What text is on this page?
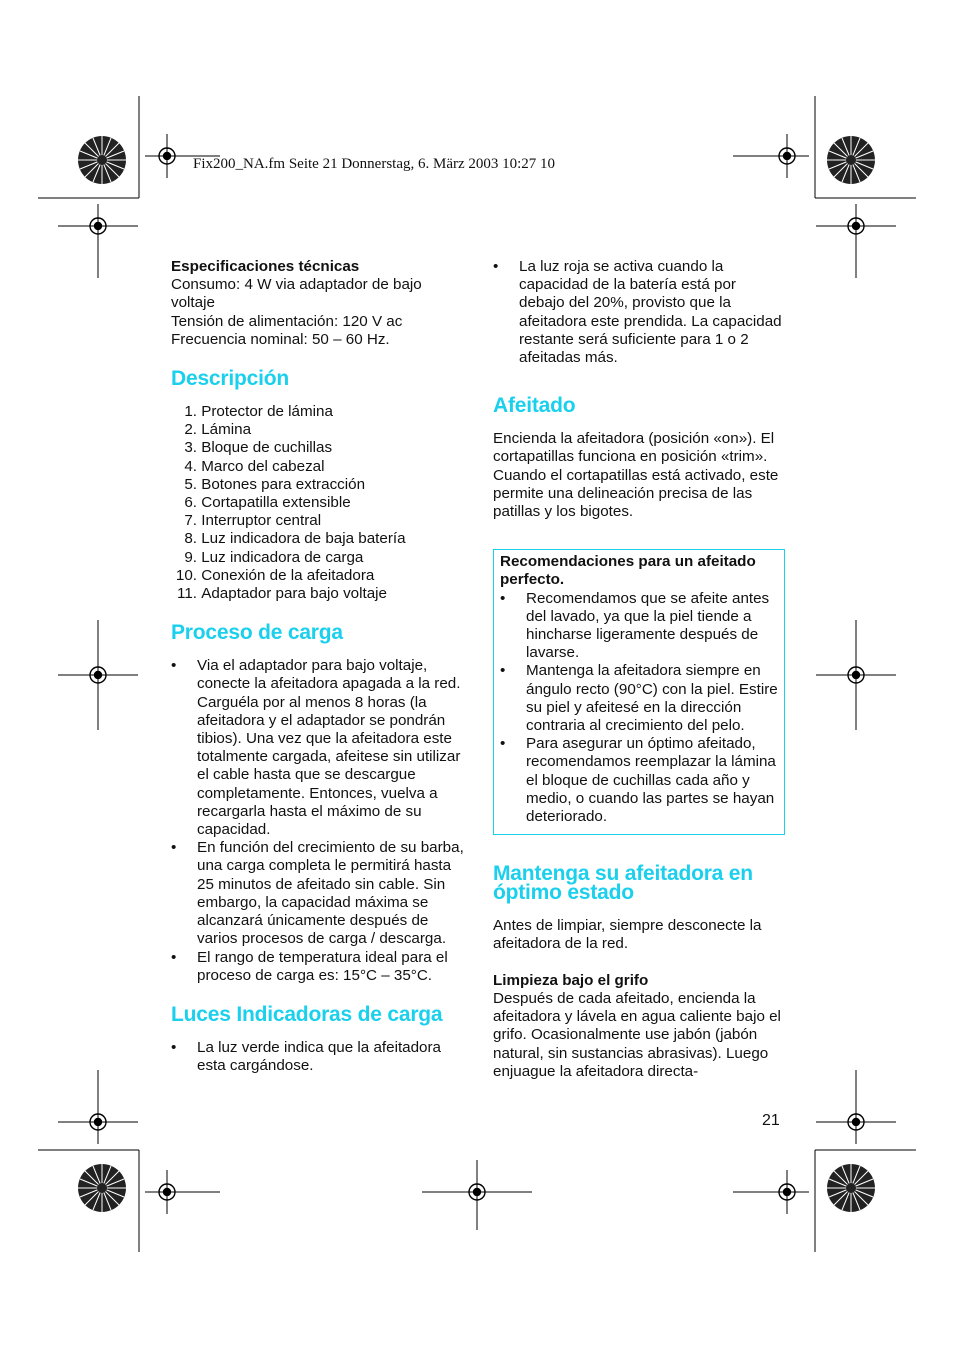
Fix200_NA.fm Seite 21 Donnerstag, 6. März 2003 10:27 10
Especificaciones técnicas
Consumo: 4 W via adaptador de bajo voltaje
Tensión de alimentación: 120 V ac
Frecuencia nominal: 50 – 60 Hz.
Descripción
1.
Protector de lámina
2.
Lámina
3.
Bloque de cuchillas
4.
Marco del cabezal
5.
Botones para extracción
6.
Cortapatilla extensible
7.
Interruptor central
8.
Luz indicadora de baja batería
9.
Luz indicadora de carga
10.
Conexión de la afeitadora
11.
Adaptador para bajo voltaje
Proceso de carga
•	Via el adaptador para bajo voltaje, conecte la afeitadora apagada a la red. Carguéla por al menos 8 horas (la afeitadora y el adaptador se pondrán tibios). Una vez que la afeitadora este totalmente cargada, afeitese sin utilizar el cable hasta que se descargue completamente. Entonces, vuelva a recargarla hasta el máximo de su capacidad.
•	En función del crecimiento de su barba, una carga completa le permitirá hasta 25 minutos de afeitado sin cable. Sin embargo, la capacidad máxima se alcanzará únicamente después de varios procesos de carga / descarga.
•	El rango de temperatura ideal para el proceso de carga es: 15°C – 35°C.
Luces Indicadoras de carga
•	La luz verde indica que la afeitadora esta cargándose.
•	La luz roja se activa cuando la capacidad de la batería está por debajo del 20%, provisto que la afeitadora este prendida. La capacidad restante será suficiente para 1 o 2 afeitadas más.
Afeitado
Encienda la afeitadora (posición «on»). El cortapatillas funciona en posición «trim». Cuando el cortapatillas está activado, este permite una delineación precisa de las patillas y los bigotes.
Recomendaciones para un afeitado perfecto.
•	Recomendamos que se afeite antes del lavado, ya que la piel tiende a hincharse ligeramente después de lavarse.
•	Mantenga la afeitadora siempre en ángulo recto (90°C) con la piel. Estire su piel y afeitesé en la dirección contraria al crecimiento del pelo.
•	Para asegurar un óptimo afeitado, recomendamos reemplazar la lámina el bloque de cuchillas cada año y medio, o cuando las partes se hayan deteriorado.
Mantenga su afeitadora en óptimo estado
Antes de limpiar, siempre desconecte la afeitadora de la red.
Limpieza bajo el grifo
Después de cada afeitado, encienda la afeitadora y lávela en agua caliente bajo el grifo. Ocasionalmente use jabón (jabón natural, sin sustancias abrasivas). Luego enjuague la afeitadora directa-
21
